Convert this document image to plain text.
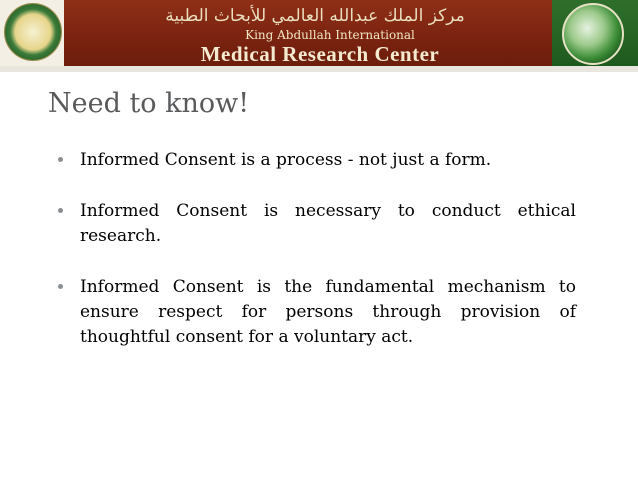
مركز الملك عبدالله العالمي للأبحاث الطبية
King Abdullah International
Medical Research Center
Need to know!
Informed Consent is a process - not just a form.
Informed Consent is necessary to conduct ethical research.
Informed Consent is the fundamental mechanism to ensure respect for persons through provision of thoughtful consent for a voluntary act.
